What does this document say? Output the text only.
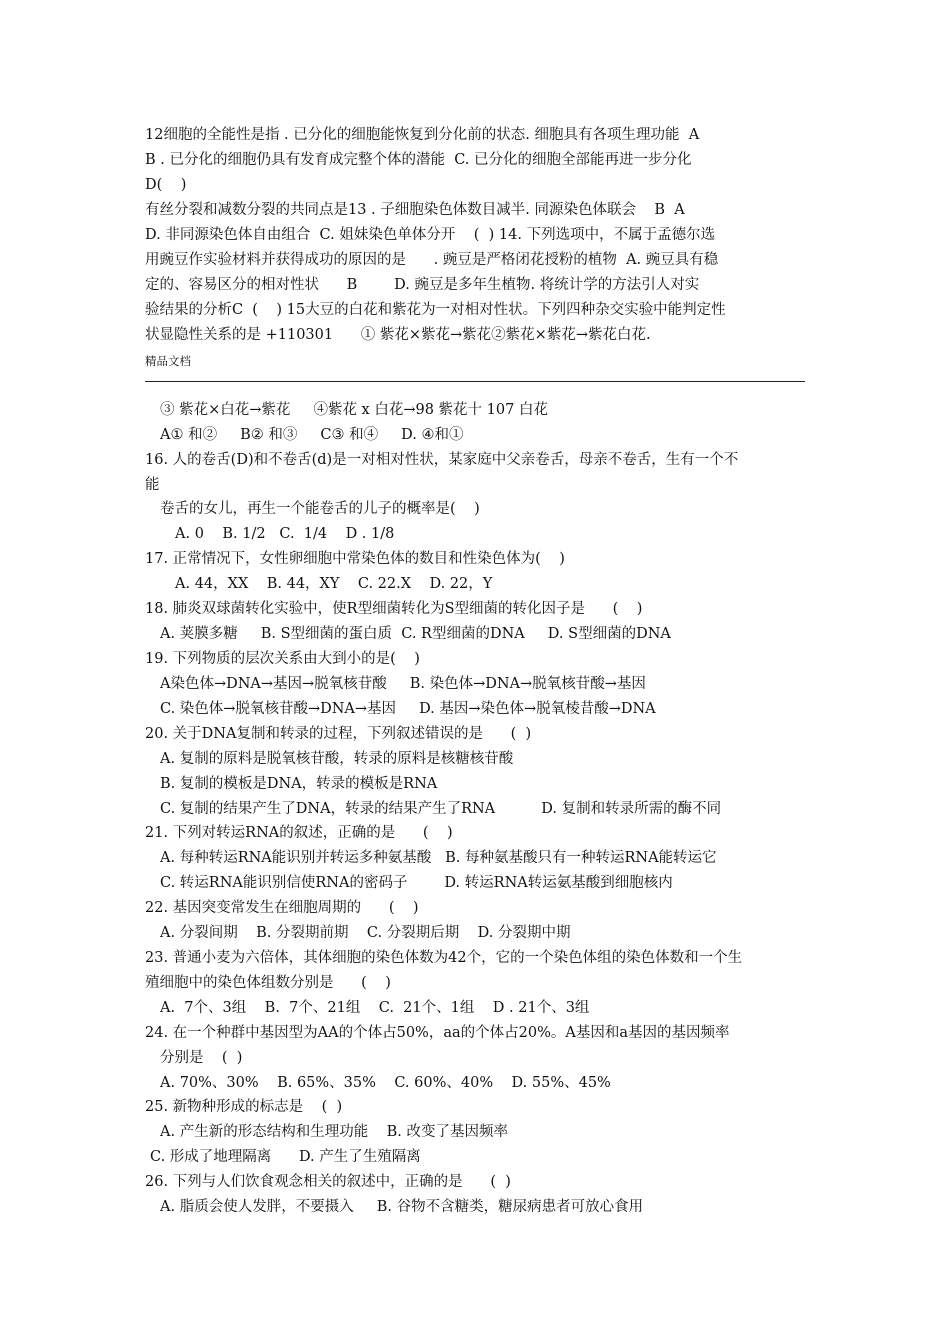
12细胞的全能性是指 . 已分化的细胞能恢复到分化前的状态. 细胞具有各项生理功能  A
B . 已分化的细胞仍具有发育成完整个体的潜能  C. 已分化的细胞全部能再进一步分化
D(    )
有丝分裂和减数分裂的共同点是13 . 子细胞染色体数目减半. 同源染色体联会    B  A
D. 非同源染色体自由组合  C. 姐妹染色单体分开    (  ) 14. 下列选项中，不属于孟德尔选
用豌豆作实验材料并获得成功的原因的是      . 豌豆是严格闭花授粉的植物  A. 豌豆具有稳
定的、容易区分的相对性状      B        D. 豌豆是多年生植物. 将统计学的方法引人对实
验结果的分析C  (    ) 15大豆的白花和紫花为一对相对性状。下列四种杂交实验中能判定性
状显隐性关系的是 +110301      ① 紫花×紫花→紫花②紫花×紫花→紫花白花.
精品文档
③ 紫花×白花→紫花     ④紫花 x 白花→98 紫花十 107 白花
A① 和②     B② 和③     C③ 和④     D. ④和①
16. 人的卷舌(D)和不卷舌(d)是一对相对性状，某家庭中父亲卷舌，母亲不卷舌，生有一个不
能
卷舌的女儿，再生一个能卷舌的儿子的概率是(    )
A. 0    B. 1/2   C.  1/4    D . 1/8
17. 正常情况下，女性卵细胞中常染色体的数目和性染色体为(    )
A. 44，XX    B. 44，XY    C. 22.X    D. 22，Y
18. 肺炎双球菌转化实验中，使R型细菌转化为S型细菌的转化因子是      (    )
A. 荚膜多糖     B. S型细菌的蛋白质  C. R型细菌的DNA     D. S型细菌的DNA
19. 下列物质的层次关系由大到小的是(    )
A染色体→DNA→基因→脱氧核苷酸     B. 染色体→DNA→脱氧核苷酸→基因
C. 染色体→脱氧核苷酸→DNA→基因     D. 基因→染色体→脱氧棱昔酸→DNA
20. 关于DNA复制和转录的过程，下列叙述错误的是      (  )
A. 复制的原料是脱氧核苷酸，转录的原料是核糖核苷酸
B. 复制的模板是DNA，转录的模板是RNA
C. 复制的结果产生了DNA，转录的结果产生了RNA          D. 复制和转录所需的酶不同
21. 下列对转运RNA的叙述，正确的是      (    )
A. 每种转运RNA能识别并转运多种氨基酸   B. 每种氨基酸只有一种转运RNA能转运它
C. 转运RNA能识别信使RNA的密码子        D. 转运RNA转运氨基酸到细胞核内
22. 基因突变常发生在细胞周期的      (    )
A. 分裂间期    B. 分裂期前期    C. 分裂期后期    D. 分裂期中期
23. 普通小麦为六倍体，其体细胞的染色体数为42个，它的一个染色体组的染色体数和一个生
殖细胞中的染色体组数分别是      (    )
A.  7个、3组    B.  7个、21组    C.  21个、1组    D . 21个、3组
24. 在一个种群中基因型为AA的个体占50%，aa的个体占20%。A基因和a基因的基因频率
分别是    (  )
A. 70%、30%    B. 65%、35%    C. 60%、40%    D. 55%、45%
25. 新物种形成的标志是    (  )
A. 产生新的形态结构和生理功能    B. 改变了基因频率
C. 形成了地理隔离      D. 产生了生殖隔离
26. 下列与人们饮食观念相关的叙述中，正确的是      (  )
A. 脂质会使人发胖，不要摄入     B. 谷物不含糖类，糖尿病患者可放心食用
